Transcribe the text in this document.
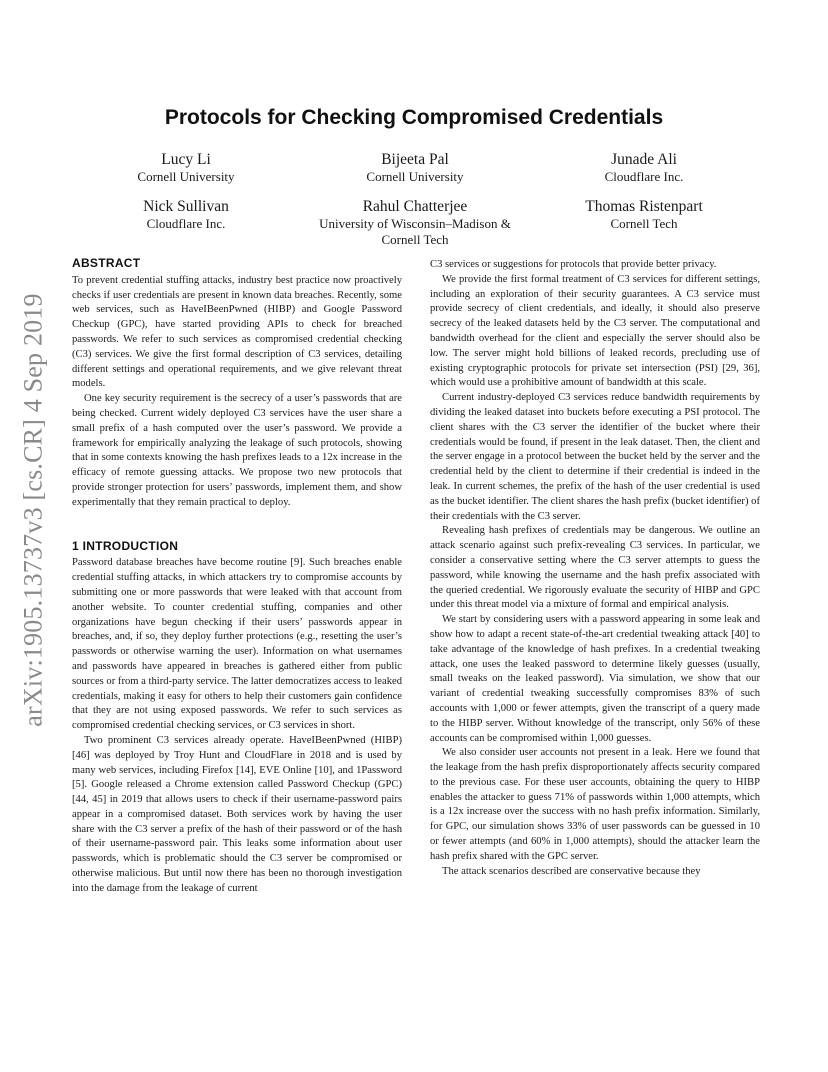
arXiv:1905.13737v3 [cs.CR] 4 Sep 2019
Protocols for Checking Compromised Credentials
Lucy Li
Cornell University
Bijeeta Pal
Cornell University
Junade Ali
Cloudflare Inc.
Nick Sullivan
Cloudflare Inc.
Rahul Chatterjee
University of Wisconsin–Madison & Cornell Tech
Thomas Ristenpart
Cornell Tech
ABSTRACT

To prevent credential stuffing attacks, industry best practice now proactively checks if user credentials are present in known data breaches. Recently, some web services, such as HaveIBeenPwned (HIBP) and Google Password Checkup (GPC), have started providing APIs to check for breached passwords. We refer to such services as compromised credential checking (C3) services. We give the first formal description of C3 services, detailing different settings and operational requirements, and we give relevant threat models.

One key security requirement is the secrecy of a user’s passwords that are being checked. Current widely deployed C3 services have the user share a small prefix of a hash computed over the user’s password. We provide a framework for empirically analyzing the leakage of such protocols, showing that in some contexts knowing the hash prefixes leads to a 12x increase in the efficacy of remote guessing attacks. We propose two new protocols that provide stronger protection for users’ passwords, implement them, and show experimentally that they remain practical to deploy.

1 INTRODUCTION

Password database breaches have become routine [9]. Such breaches enable credential stuffing attacks, in which attackers try to compromise accounts by submitting one or more passwords that were leaked with that account from another website. To counter credential stuffing, companies and other organizations have begun checking if their users’ passwords appear in breaches, and, if so, they deploy further protections (e.g., resetting the user’s passwords or otherwise warning the user). Information on what usernames and passwords have appeared in breaches is gathered either from public sources or from a third-party service. The latter democratizes access to leaked credentials, making it easy for others to help their customers gain confidence that they are not using exposed passwords. We refer to such services as compromised credential checking services, or C3 services in short.

Two prominent C3 services already operate. HaveIBeenPwned (HIBP) [46] was deployed by Troy Hunt and CloudFlare in 2018 and is used by many web services, including Firefox [14], EVE Online [10], and 1Password [5]. Google released a Chrome extension called Password Checkup (GPC) [44, 45] in 2019 that allows users to check if their username-password pairs appear in a compromised dataset. Both services work by having the user share with the C3 server a prefix of the hash of their password or of the hash of their username-password pair. This leaks some information about user passwords, which is problematic should the C3 server be compromised or otherwise malicious. But until now there has been no thorough investigation into the damage from the leakage of current

C3 services or suggestions for protocols that provide better privacy.

We provide the first formal treatment of C3 services for different settings, including an exploration of their security guarantees. A C3 service must provide secrecy of client credentials, and ideally, it should also preserve secrecy of the leaked datasets held by the C3 server. The computational and bandwidth overhead for the client and especially the server should also be low. The server might hold billions of leaked records, precluding use of existing cryptographic protocols for private set intersection (PSI) [29, 36], which would use a prohibitive amount of bandwidth at this scale.

Current industry-deployed C3 services reduce bandwidth requirements by dividing the leaked dataset into buckets before executing a PSI protocol. The client shares with the C3 server the identifier of the bucket where their credentials would be found, if present in the leak dataset. Then, the client and the server engage in a protocol between the bucket held by the server and the credential held by the client to determine if their credential is indeed in the leak. In current schemes, the prefix of the hash of the user credential is used as the bucket identifier. The client shares the hash prefix (bucket identifier) of their credentials with the C3 server.

Revealing hash prefixes of credentials may be dangerous. We outline an attack scenario against such prefix-revealing C3 services. In particular, we consider a conservative setting where the C3 server attempts to guess the password, while knowing the username and the hash prefix associated with the queried credential. We rigorously evaluate the security of HIBP and GPC under this threat model via a mixture of formal and empirical analysis.

We start by considering users with a password appearing in some leak and show how to adapt a recent state-of-the-art credential tweaking attack [40] to take advantage of the knowledge of hash prefixes. In a credential tweaking attack, one uses the leaked password to determine likely guesses (usually, small tweaks on the leaked password). Via simulation, we show that our variant of credential tweaking successfully compromises 83% of such accounts with 1,000 or fewer attempts, given the transcript of a query made to the HIBP server. Without knowledge of the transcript, only 56% of these accounts can be compromised within 1,000 guesses.

We also consider user accounts not present in a leak. Here we found that the leakage from the hash prefix disproportionately affects security compared to the previous case. For these user accounts, obtaining the query to HIBP enables the attacker to guess 71% of passwords within 1,000 attempts, which is a 12x increase over the success with no hash prefix information. Similarly, for GPC, our simulation shows 33% of user passwords can be guessed in 10 or fewer attempts (and 60% in 1,000 attempts), should the attacker learn the hash prefix shared with the GPC server.

The attack scenarios described are conservative because they
